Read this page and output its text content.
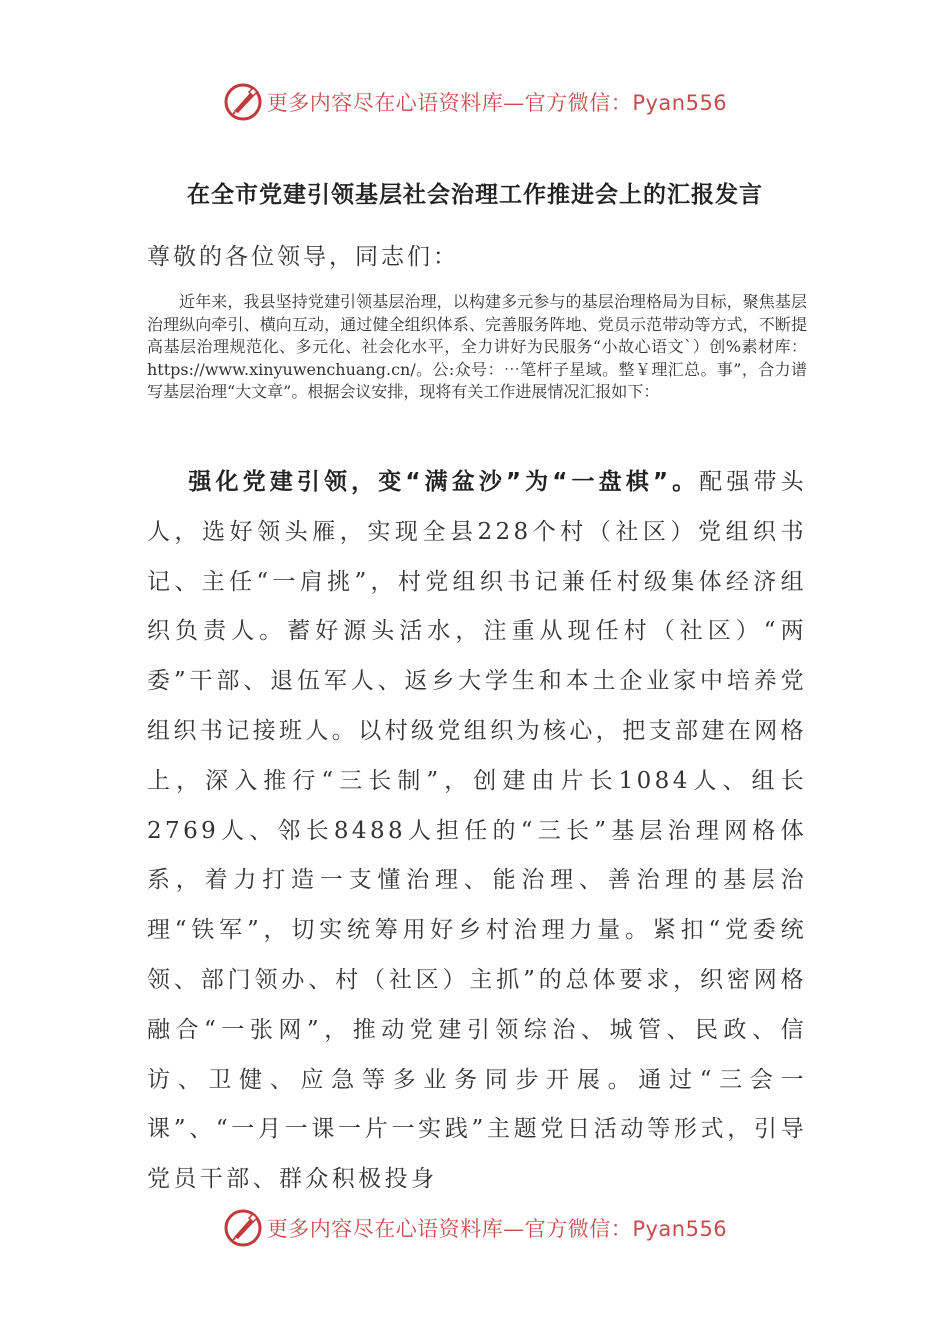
更多内容尽在心语资料库—官方微信：Pyan556
在全市党建引领基层社会治理工作推进会上的汇报发言
尊敬的各位领导，同志们：

近年来，我县坚持党建引领基层治理，以构建多元参与的基层治理格局为目标，聚焦基层治理纵向牵引、横向互动，通过健全组织体系、完善服务阵地、党员示范带动等方式，不断提高基层治理规范化、多元化、社会化水平，全力讲好为民服务“小故心语文`）创%素材库：https://www.xinyuwenchuang.cn/。公:众号：⋯笔杆子星域。整￥理汇总。事”，合力谱写基层治理“大文章”。根据会议安排，现将有关工作进展情况汇报如下：

强化党建引领，变“满盆沙”为“一盘棋”。配强带头人，选好领头雁，实现全县228个村（社区）党组织书记、主任“一肩挑”，村党组织书记兼任村级集体经济组织负责人。蓄好源头活水，注重从现任村（社区）“两委”干部、退伍军人、返乡大学生和本土企业家中培养党组织书记接班人。以村级党组织为核心，把支部建在网格上，深入推行“三长制”，创建由片长1084人、组长2769人、邻长8488人担任的“三长”基层治理网格体系，着力打造一支懂治理、能治理、善治理的基层治理“铁军”，切实统筹用好乡村治理力量。紧扣“党委统领、部门领办、村（社区）主抓”的总体要求，织密网格融合“一张网”，推动党建引领综治、城管、民政、信访、卫健、应急等多业务同步开展。通过“三会一课”、“一月一课一片一实践”主题党日活动等形式，引导党员干部、群众积极投身

更多内容尽在心语资料库—官方微信：Pyan556
